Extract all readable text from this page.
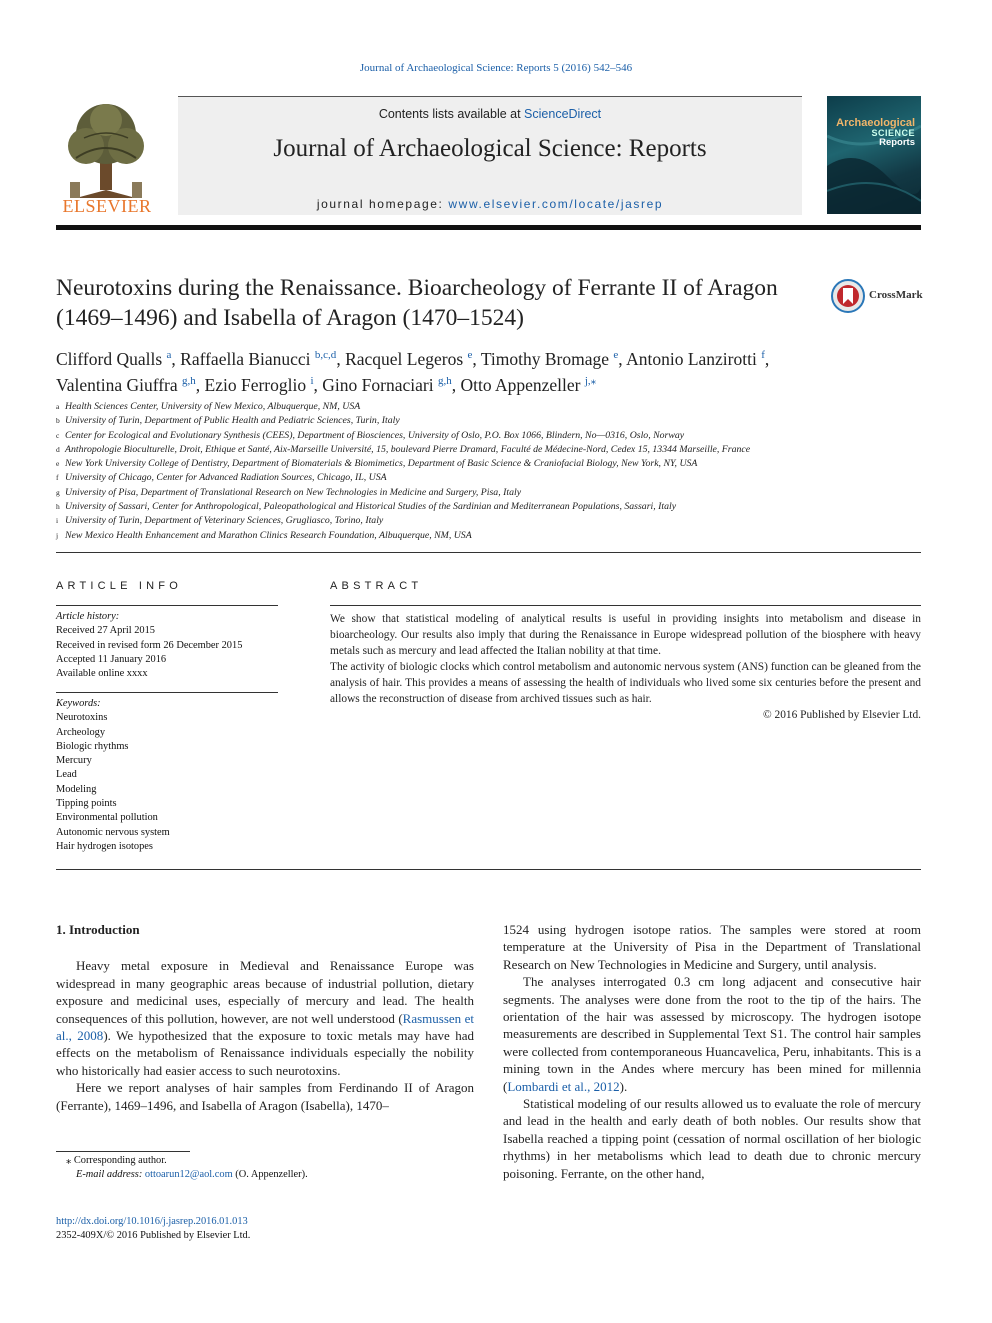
Journal of Archaeological Science: Reports 5 (2016) 542–546
ELSEVIER
Contents lists available at ScienceDirect
Journal of Archaeological Science: Reports
journal homepage: www.elsevier.com/locate/jasrep
Archaeological
SCIENCE
Reports
Neurotoxins during the Renaissance. Bioarcheology of Ferrante II of Aragon (1469–1496) and Isabella of Aragon (1470–1524)
CrossMark
Clifford Qualls $^a$, Raffaella Bianucci $^{b,c,d}$, Racquel Legeros $^e$, Timothy Bromage $^e$, Antonio Lanzirotti $^f$,
Valentina Giuffra $^{g,h}$, Ezio Ferroglio $^i$, Gino Fornaciari $^{g,h}$, Otto Appenzeller $^{j,⁎}$
a Health Sciences Center, University of New Mexico, Albuquerque, NM, USA
b University of Turin, Department of Public Health and Pediatric Sciences, Turin, Italy
c Center for Ecological and Evolutionary Synthesis (CEES), Department of Biosciences, University of Oslo, P.O. Box 1066, Blindern, No—0316, Oslo, Norway
d Anthropologie Bioculturelle, Droit, Ethique et Santé, Aix-Marseille Université, 15, boulevard Pierre Dramard, Faculté de Médecine-Nord, Cedex 15, 13344 Marseille, France
e New York University College of Dentistry, Department of Biomaterials & Biomimetics, Department of Basic Science & Craniofacial Biology, New York, NY, USA
f University of Chicago, Center for Advanced Radiation Sources, Chicago, IL, USA
g University of Pisa, Department of Translational Research on New Technologies in Medicine and Surgery, Pisa, Italy
h University of Sassari, Center for Anthropological, Paleopathological and Historical Studies of the Sardinian and Mediterranean Populations, Sassari, Italy
i University of Turin, Department of Veterinary Sciences, Grugliasco, Torino, Italy
j New Mexico Health Enhancement and Marathon Clinics Research Foundation, Albuquerque, NM, USA
ARTICLE INFO	ABSTRACT
Article history:
Received 27 April 2015
Received in revised form 26 December 2015
Accepted 11 January 2016
Available online xxxx
Keywords:
Neurotoxins
Archeology
Biologic rhythms
Mercury
Lead
Modeling
Tipping points
Environmental pollution
Autonomic nervous system
Hair hydrogen isotopes

We show that statistical modeling of analytical results is useful in providing insights into metabolism and disease in bioarcheology. Our results also imply that during the Renaissance in Europe widespread pollution of the biosphere with heavy metals such as mercury and lead affected the Italian nobility at that time.

The activity of biologic clocks which control metabolism and autonomic nervous system (ANS) function can be gleaned from the analysis of hair. This provides a means of assessing the health of individuals who lived some six centuries before the present and allows the reconstruction of disease from archived tissues such as hair.

© 2016 Published by Elsevier Ltd.

1. Introduction

Heavy metal exposure in Medieval and Renaissance Europe was widespread in many geographic areas because of industrial pollution, dietary exposure and medicinal uses, especially of mercury and lead. The health consequences of this pollution, however, are not well understood (Rasmussen et al., 2008). We hypothesized that the exposure to toxic metals may have had effects on the metabolism of Renaissance individuals especially the nobility who historically had easier access to such neurotoxins.

Here we report analyses of hair samples from Ferdinando II of Aragon (Ferrante), 1469–1496, and Isabella of Aragon (Isabella), 1470–

1524 using hydrogen isotope ratios. The samples were stored at room temperature at the University of Pisa in the Department of Translational Research on New Technologies in Medicine and Surgery, until analysis.

The analyses interrogated 0.3 cm long adjacent and consecutive hair segments. The analyses were done from the root to the tip of the hairs. The orientation of the hair was assessed by microscopy. The hydrogen isotope measurements are described in Supplemental Text S1. The control hair samples were collected from contemporaneous Huancavelica, Peru, inhabitants. This is a mining town in the Andes where mercury has been mined for millennia (Lombardi et al., 2012).

Statistical modeling of our results allowed us to evaluate the role of mercury and lead in the health and early death of both nobles. Our results show that Isabella reached a tipping point (cessation of normal oscillation of her biologic rhythms) in her metabolisms which lead to death due to chronic mercury poisoning. Ferrante, on the other hand,

⁎ Corresponding author.
E-mail address: ottoarun12@aol.com (O. Appenzeller).
http://dx.doi.org/10.1016/j.jasrep.2016.01.013
2352-409X/© 2016 Published by Elsevier Ltd.
